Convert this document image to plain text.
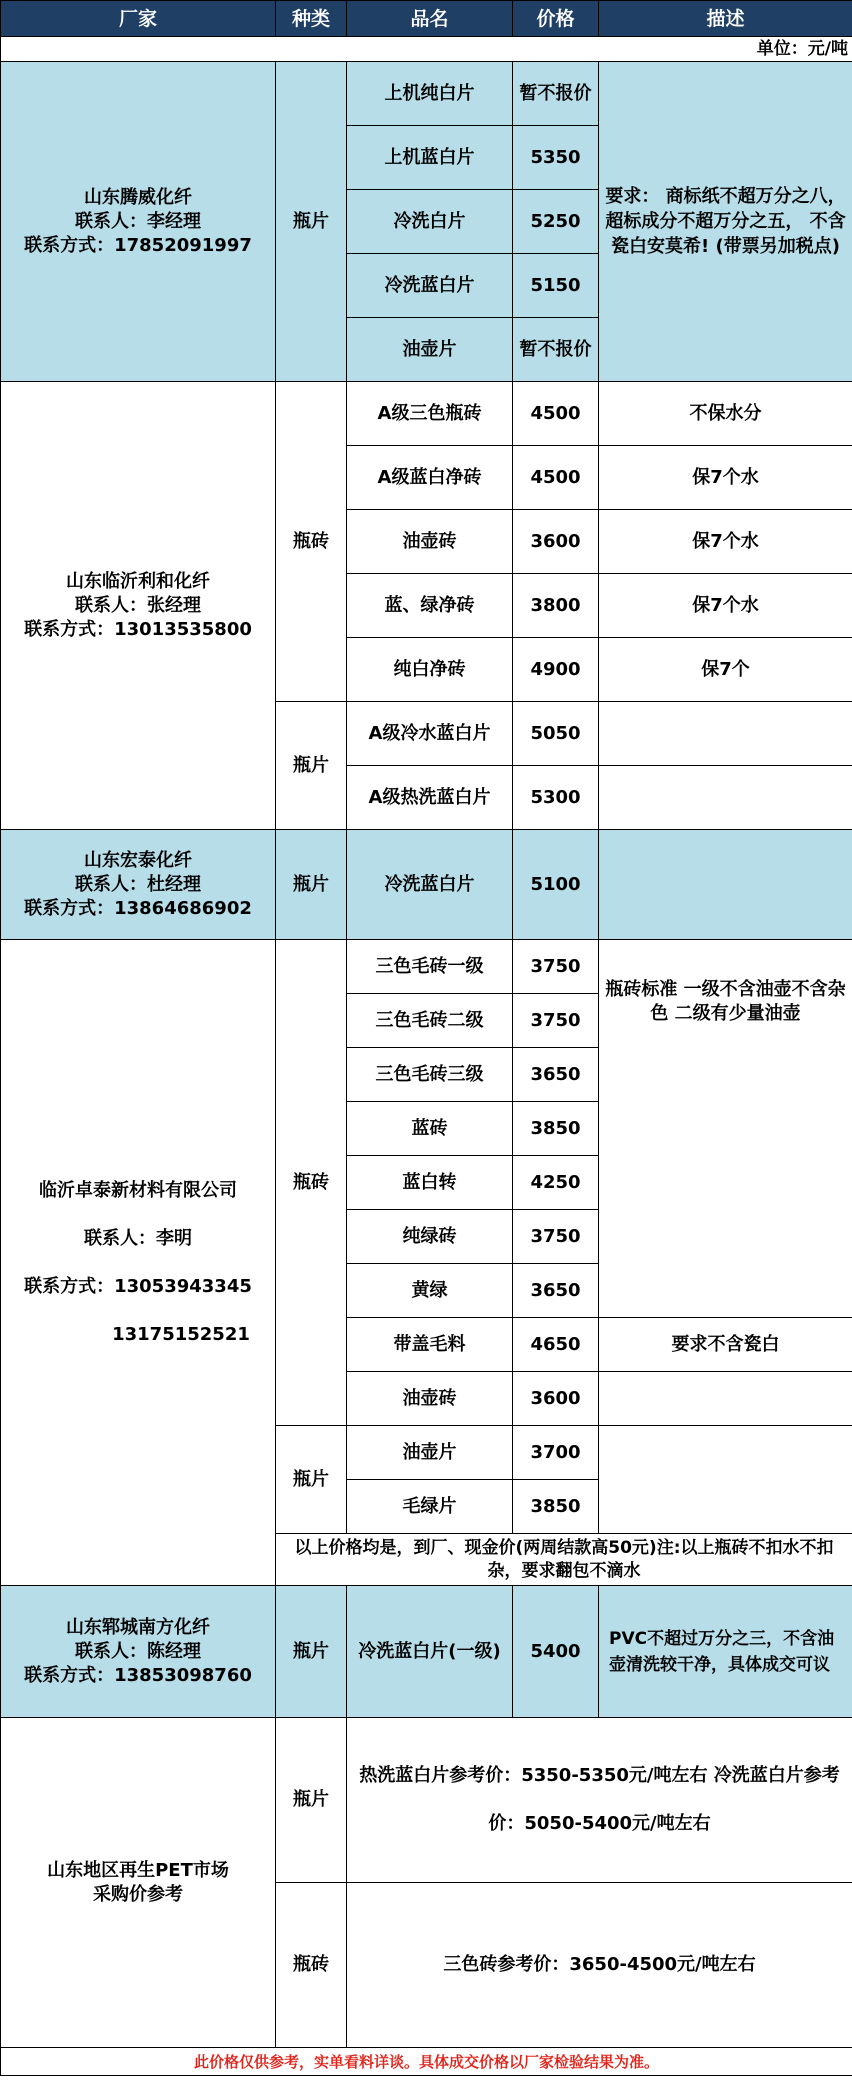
厂家	种类	品名	价格	描述
单位：元/吨				

山东腾威化纤
联系人：李经理
联系方式：17852091997	瓶片	上机纯白片	暂不报价	要求： 商标纸不超万分之八， 超标成分不超万分之五， 不含瓷白安莫希! (带票另加税点)
		上机蓝白片	5350	
		冷洗白片	5250	
		冷洗蓝白片	5150	
		油壶片	暂不报价	

山东临沂利和化纤
联系人：张经理
联系方式：13013535800	瓶砖	A级三色瓶砖	4500	不保水分
		A级蓝白净砖	4500	保7个水
		油壶砖	3600	保7个水
		蓝、绿净砖	3800	保7个水
		纯白净砖	4900	保7个
	瓶片	A级冷水蓝白片	5050	
		A级热洗蓝白片	5300	

山东宏泰化纤
联系人：杜经理
联系方式：13864686902	瓶片	冷洗蓝白片	5100	

临沂卓泰新材料有限公司
联系人：李明
联系方式：13053943345
13175152521	瓶砖	三色毛砖一级	3750	瓶砖标准 一级不含油壶不含杂色 二级有少量油壶
		三色毛砖二级	3750	
		三色毛砖三级	3650	
		蓝砖	3850	
		蓝白转	4250	
		纯绿砖	3750	
		黄绿	3650	
		带盖毛料	4650	要求不含瓷白
		油壶砖	3600	
	瓶片	油壶片	3700	
		毛绿片	3850	
	以上价格均是，到厂、现金价(两周结款高50元)注:以上瓶砖不扣水不扣杂，要求翻包不滴水			

山东郓城南方化纤
联系人：陈经理
联系方式：13853098760	瓶片	冷洗蓝白片(一级)	5400	PVC不超过万分之三，不含油壶清洗较干净，具体成交可议

山东地区再生PET市场
采购价参考	瓶片	热洗蓝白片参考价：5350-5350元/吨左右 冷洗蓝白片参考价：5050-5400元/吨左右		
	瓶砖	三色砖参考价：3650-4500元/吨左右		
此价格仅供参考，实单看料详谈。具体成交价格以厂家检验结果为准。				
